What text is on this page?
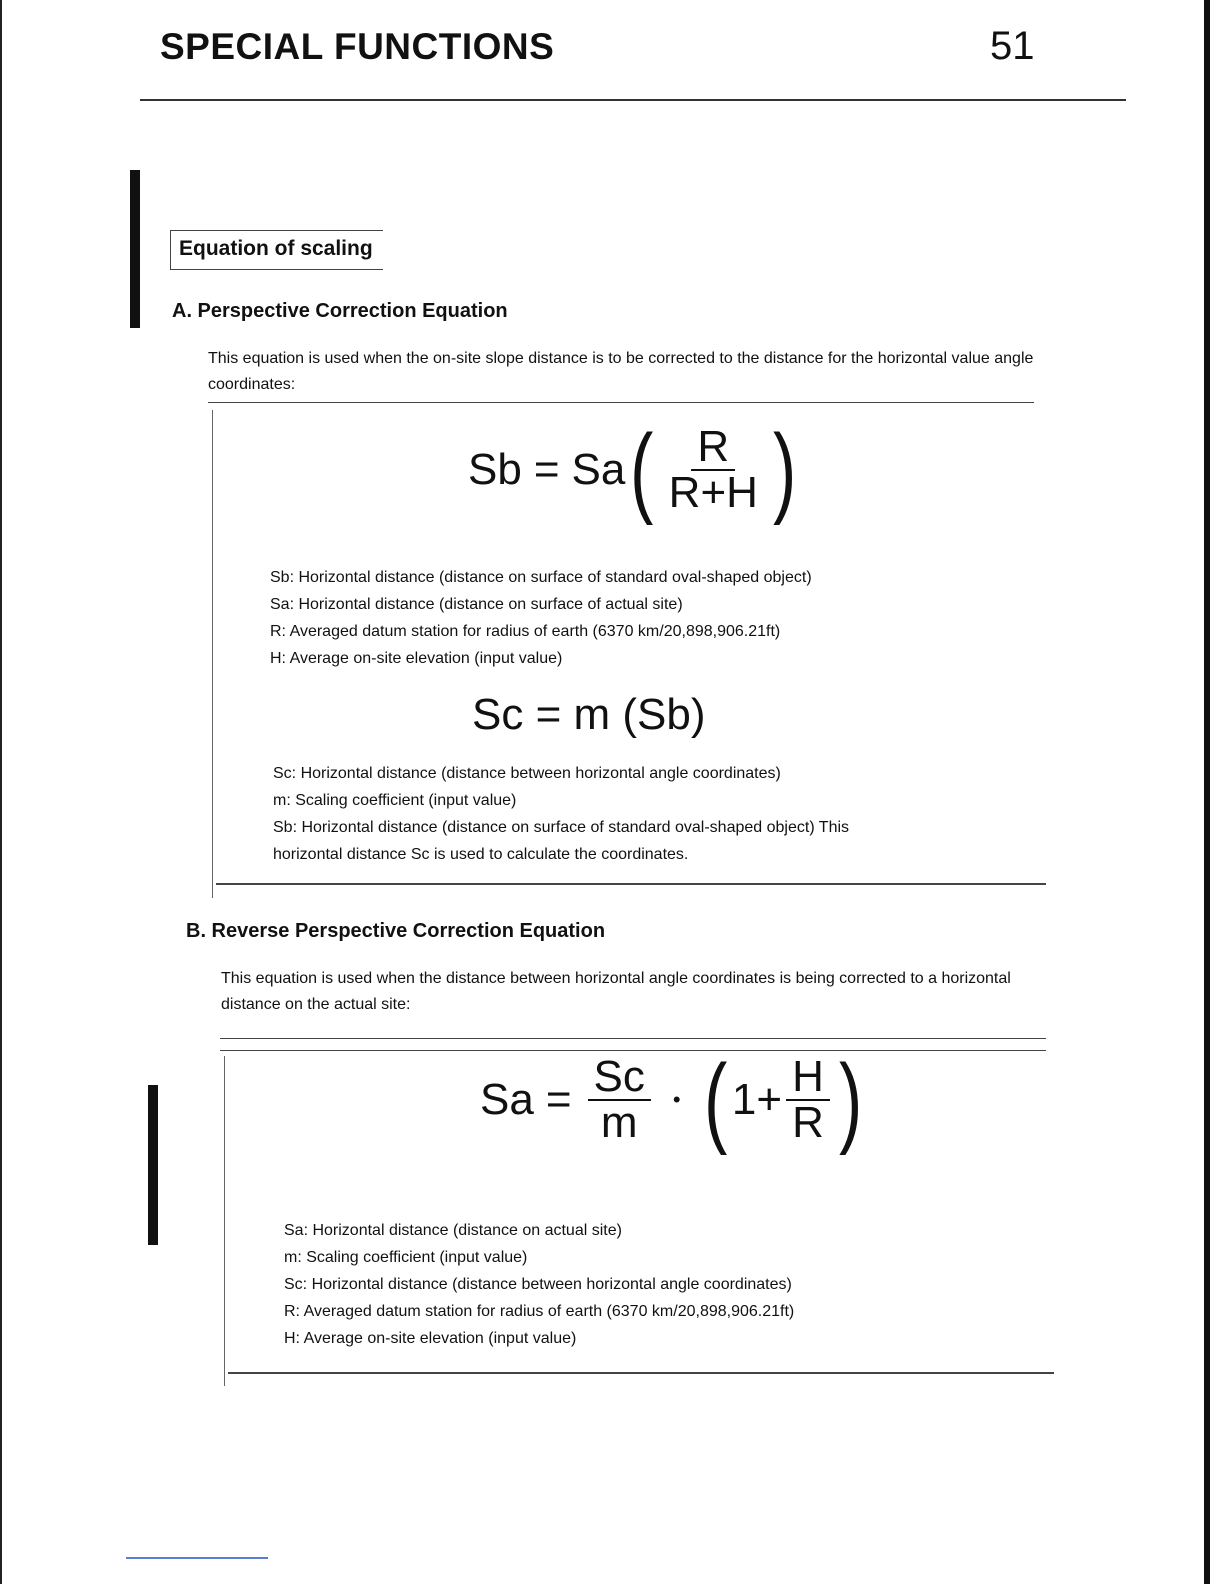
SPECIAL FUNCTIONS	51
Equation of scaling
A. Perspective Correction Equation
This equation is used when the on-site slope distance is to be corrected to the distance for the horizontal value angle coordinates:
Sb = Sa ( $\frac{R}{R+H}$ )
Sb: Horizontal distance (distance on surface of standard oval-shaped object)
Sa: Horizontal distance (distance on surface of actual site)
R: Averaged datum station for radius of earth (6370 km/20,898,906.21ft)
H: Average on-site elevation (input value)
Sc = m (Sb)
Sc: Horizontal distance (distance between horizontal angle coordinates)
m: Scaling coefficient (input value)
Sb: Horizontal distance (distance on surface of standard oval-shaped object) This
horizontal distance Sc is used to calculate the coordinates.
B. Reverse Perspective Correction Equation
This equation is used when the distance between horizontal angle coordinates is being corrected to a horizontal distance on the actual site:
$Sa = \frac{Sc}{m}$ • ( $1+ \frac{H}{R}$ )
Sa: Horizontal distance (distance on actual site)
m: Scaling coefficient (input value)
Sc: Horizontal distance (distance between horizontal angle coordinates)
R: Averaged datum station for radius of earth (6370 km/20,898,906.21ft)
H: Average on-site elevation (input value)
